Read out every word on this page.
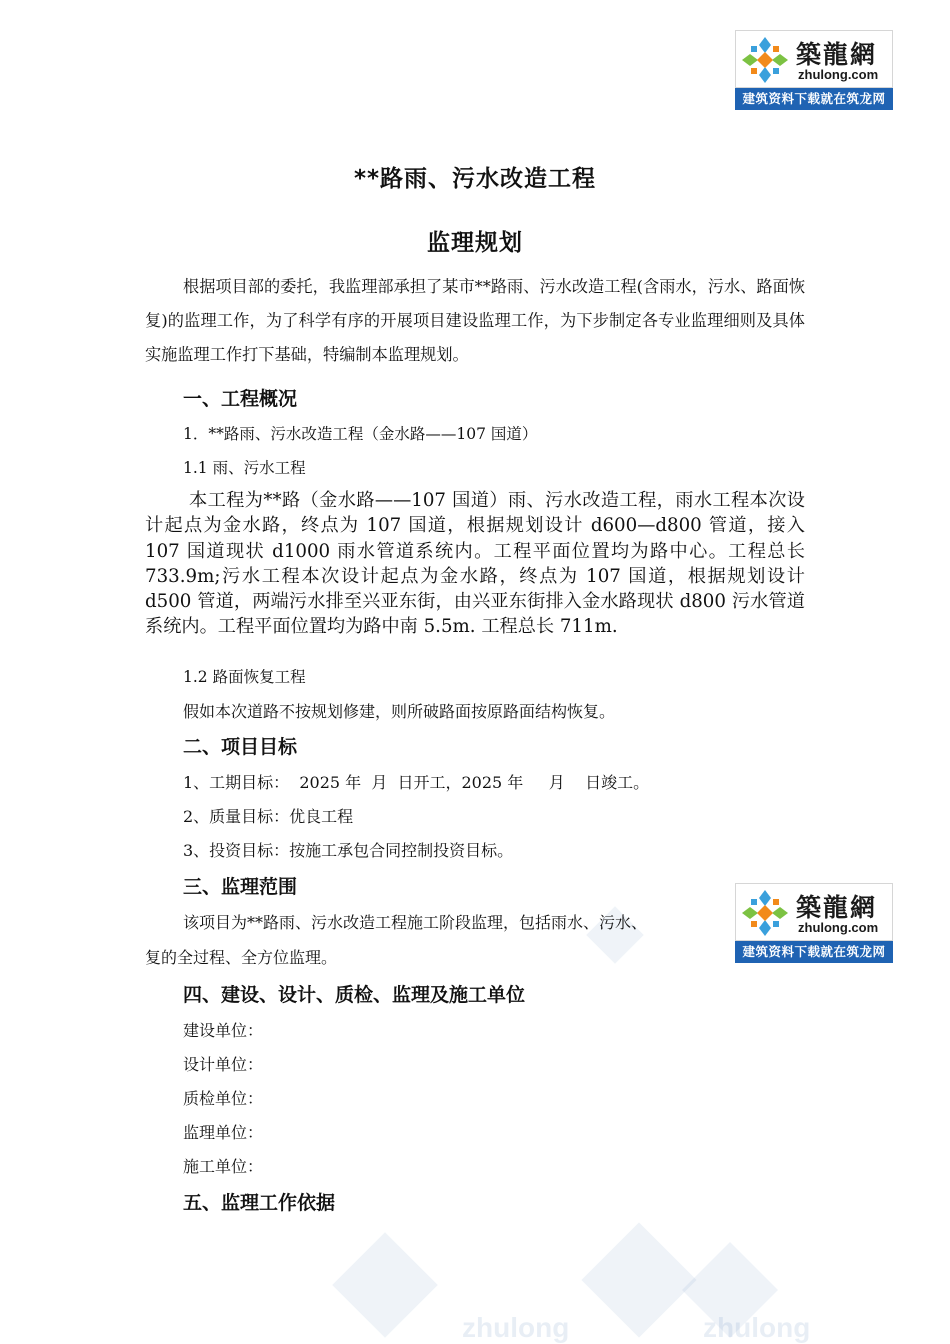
zhulong	zhulong
築龍網
zhulong.com
建筑资料下载就在筑龙网
**路雨、污水改造工程
监理规划

根据项目部的委托，我监理部承担了某市**路雨、污水改造工程(含雨水，污水、路面恢复)的监理工作，为了科学有序的开展项目建设监理工作，为下步制定各专业监理细则及具体实施监理工作打下基础，特编制本监理规划。

一、工程概况

1．**路雨、污水改造工程（金水路——107 国道）

1.1 雨、污水工程

本工程为**路（金水路——107 国道）雨、污水改造工程，雨水工程本次设计起点为金水路，终点为 107 国道，根据规划设计 d600—d800 管道，接入 107 国道现状 d1000 雨水管道系统内。工程平面位置均为路中心。工程总长 733.9m;污水工程本次设计起点为金水路，终点为 107 国道，根据规划设计 d500 管道，两端污水排至兴亚东街，由兴亚东街排入金水路现状 d800 污水管道系统内。工程平面位置均为路中南 5.5m. 工程总长 711m.

1.2 路面恢复工程

假如本次道路不按规划修建，则所破路面按原路面结构恢复。

二、项目目标

1、工期目标：  2025 年  月  日开工，2025 年     月    日竣工。

2、质量目标：优良工程

3、投资目标：按施工承包合同控制投资目标。

三、监理范围

该项目为**路雨、污水改造工程施工阶段监理，包括雨水、污水、

复的全过程、全方位监理。

築龍網
zhulong.com
建筑资料下载就在筑龙网

四、建设、设计、质检、监理及施工单位

建设单位：

设计单位：

质检单位：

监理单位：

施工单位：

五、监理工作依据
